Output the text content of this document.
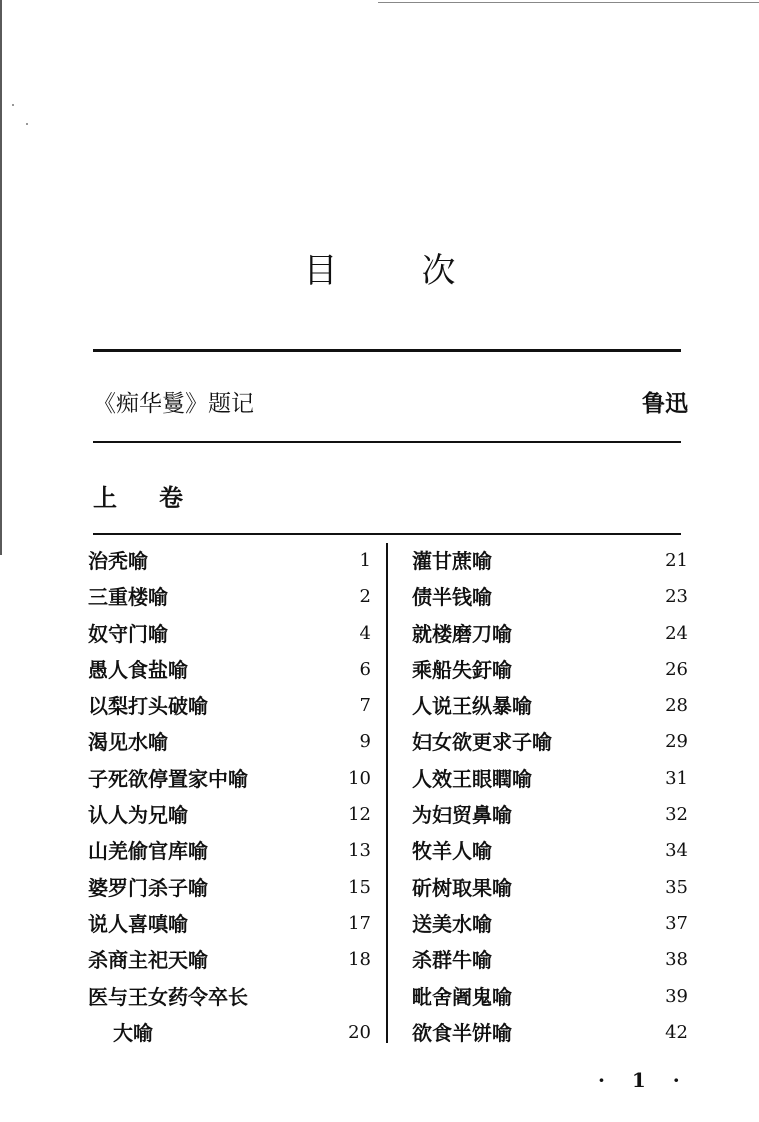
目 次
《痴华鬘》题记	鲁迅
上 卷
治秃喻	1
三重楼喻	2
奴守门喻	4
愚人食盐喻	6
以梨打头破喻	7
渴见水喻	9
子死欲停置家中喻	10
认人为兄喻	12
山羌偷官库喻	13
婆罗门杀子喻	15
说人喜嗔喻	17
杀商主祀天喻	18
医与王女药令卒长
大喻	20
灌甘蔗喻	21
债半钱喻	23
就楼磨刀喻	24
乘船失釪喻	26
人说王纵暴喻	28
妇女欲更求子喻	29
人效王眼瞤喻	31
为妇贸鼻喻	32
牧羊人喻	34
斫树取果喻	35
送美水喻	37
杀群牛喻	38
毗舍阇鬼喻	39
欲食半饼喻	42
· 1 ·
